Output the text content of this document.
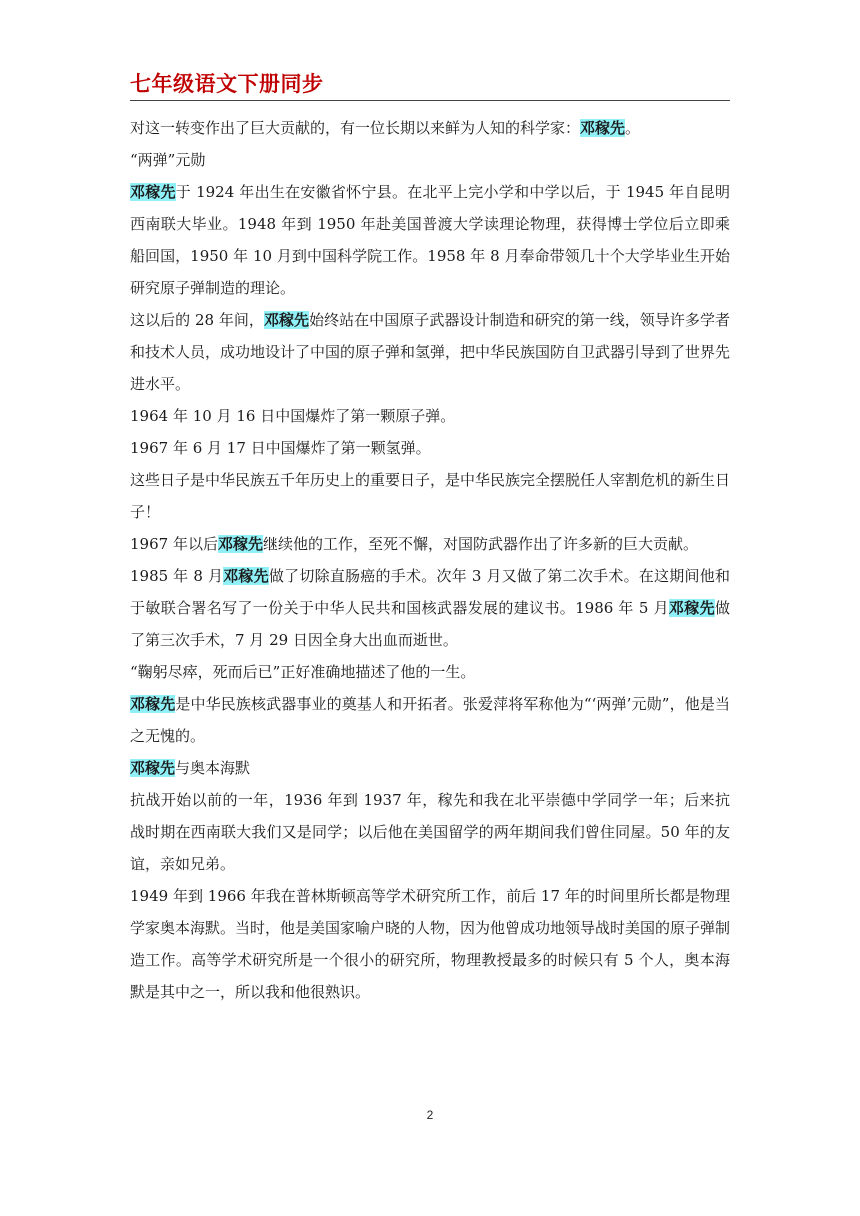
七年级语文下册同步

对这一转变作出了巨大贡献的，有一位长期以来鲜为人知的科学家：邓稼先。

“两弹”元勋

邓稼先于 1924 年出生在安徽省怀宁县。在北平上完小学和中学以后，于 1945 年自昆明西南联大毕业。1948 年到 1950 年赴美国普渡大学读理论物理，获得博士学位后立即乘船回国，1950 年 10 月到中国科学院工作。1958 年 8 月奉命带领几十个大学毕业生开始研究原子弹制造的理论。

这以后的 28 年间，邓稼先始终站在中国原子武器设计制造和研究的第一线，领导许多学者和技术人员，成功地设计了中国的原子弹和氢弹，把中华民族国防自卫武器引导到了世界先进水平。

1964 年 10 月 16 日中国爆炸了第一颗原子弹。

1967 年 6 月 17 日中国爆炸了第一颗氢弹。

这些日子是中华民族五千年历史上的重要日子，是中华民族完全摆脱任人宰割危机的新生日子！

1967 年以后邓稼先继续他的工作，至死不懈，对国防武器作出了许多新的巨大贡献。

1985 年 8 月邓稼先做了切除直肠癌的手术。次年 3 月又做了第二次手术。在这期间他和于敏联合署名写了一份关于中华人民共和国核武器发展的建议书。1986 年 5 月邓稼先做了第三次手术，7 月 29 日因全身大出血而逝世。

“鞠躬尽瘁，死而后已”正好准确地描述了他的一生。

邓稼先是中华民族核武器事业的奠基人和开拓者。张爱萍将军称他为“‘两弹’元勋”，他是当之无愧的。

邓稼先与奥本海默

抗战开始以前的一年，1936 年到 1937 年，稼先和我在北平崇德中学同学一年；后来抗战时期在西南联大我们又是同学；以后他在美国留学的两年期间我们曾住同屋。50 年的友谊，亲如兄弟。

1949 年到 1966 年我在普林斯顿高等学术研究所工作，前后 17 年的时间里所长都是物理学家奥本海默。当时，他是美国家喻户晓的人物，因为他曾成功地领导战时美国的原子弹制造工作。高等学术研究所是一个很小的研究所，物理教授最多的时候只有 5 个人，奥本海默是其中之一，所以我和他很熟识。

2
